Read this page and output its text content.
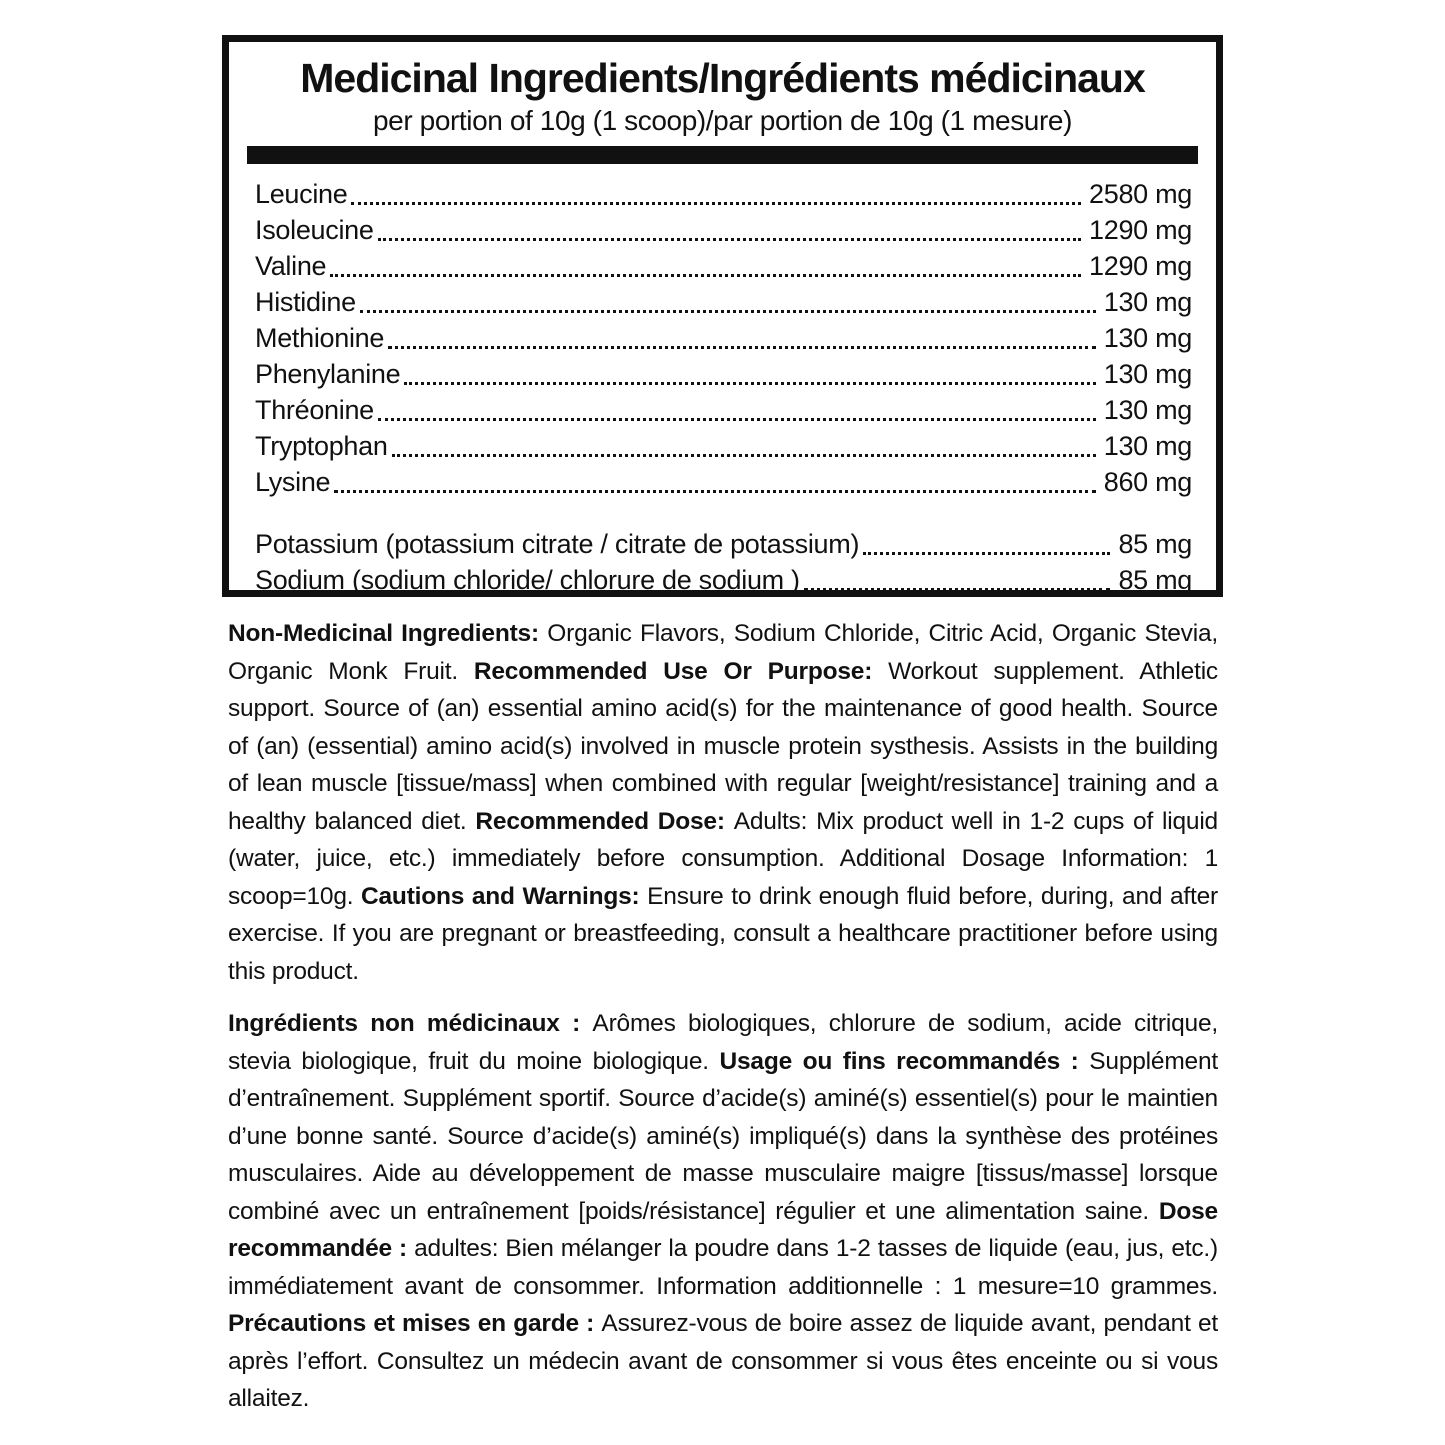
Medicinal Ingredients/Ingrédients médicinaux
per portion of 10g (1 scoop)/par portion de 10g (1 mesure)
Leucine	2580 mg
Isoleucine	1290 mg
Valine	1290 mg
Histidine	130 mg
Methionine	130 mg
Phenylanine	130 mg
Thréonine	130 mg
Tryptophan	130 mg
Lysine	860 mg
Potassium (potassium citrate / citrate de potassium)	85 mg
Sodium (sodium chloride/ chlorure de sodium )	85 mg

Non-Medicinal Ingredients: Organic Flavors, Sodium Chloride, Citric Acid, Organic Stevia, Organic Monk Fruit. Recommended Use Or Purpose: Workout supplement. Athletic support. Source of (an) essential amino acid(s) for the maintenance of good health. Source of (an) (essential) amino acid(s) involved in muscle protein systhesis. Assists in the building of lean muscle [tissue/mass] when combined with regular [weight/resistance] training and a healthy balanced diet. Recommended Dose: Adults: Mix product well in 1-2 cups of liquid (water, juice, etc.) immediately before consumption. Additional Dosage Information: 1 scoop=10g. Cautions and Warnings: Ensure to drink enough fluid before, during, and after exercise. If you are pregnant or breastfeeding, consult a healthcare practitioner before using this product.

Ingrédients non médicinaux : Arômes biologiques, chlorure de sodium, acide citrique, stevia biologique, fruit du moine biologique. Usage ou fins recommandés : Supplément d’entraînement. Supplément sportif. Source d’acide(s) aminé(s) essentiel(s) pour le maintien d’une bonne santé. Source d’acide(s) aminé(s) impliqué(s) dans la synthèse des protéines musculaires. Aide au développement de masse musculaire maigre [tissus/masse] lorsque combiné avec un entraînement [poids/résistance] régulier et une alimentation saine. Dose recommandée : adultes: Bien mélanger la poudre dans 1-2 tasses de liquide (eau, jus, etc.) immédiatement avant de consommer. Information additionnelle : 1 mesure=10 grammes. Précautions et mises en garde : Assurez-vous de boire assez de liquide avant, pendant et après l’effort. Consultez un médecin avant de consommer si vous êtes enceinte ou si vous allaitez.
